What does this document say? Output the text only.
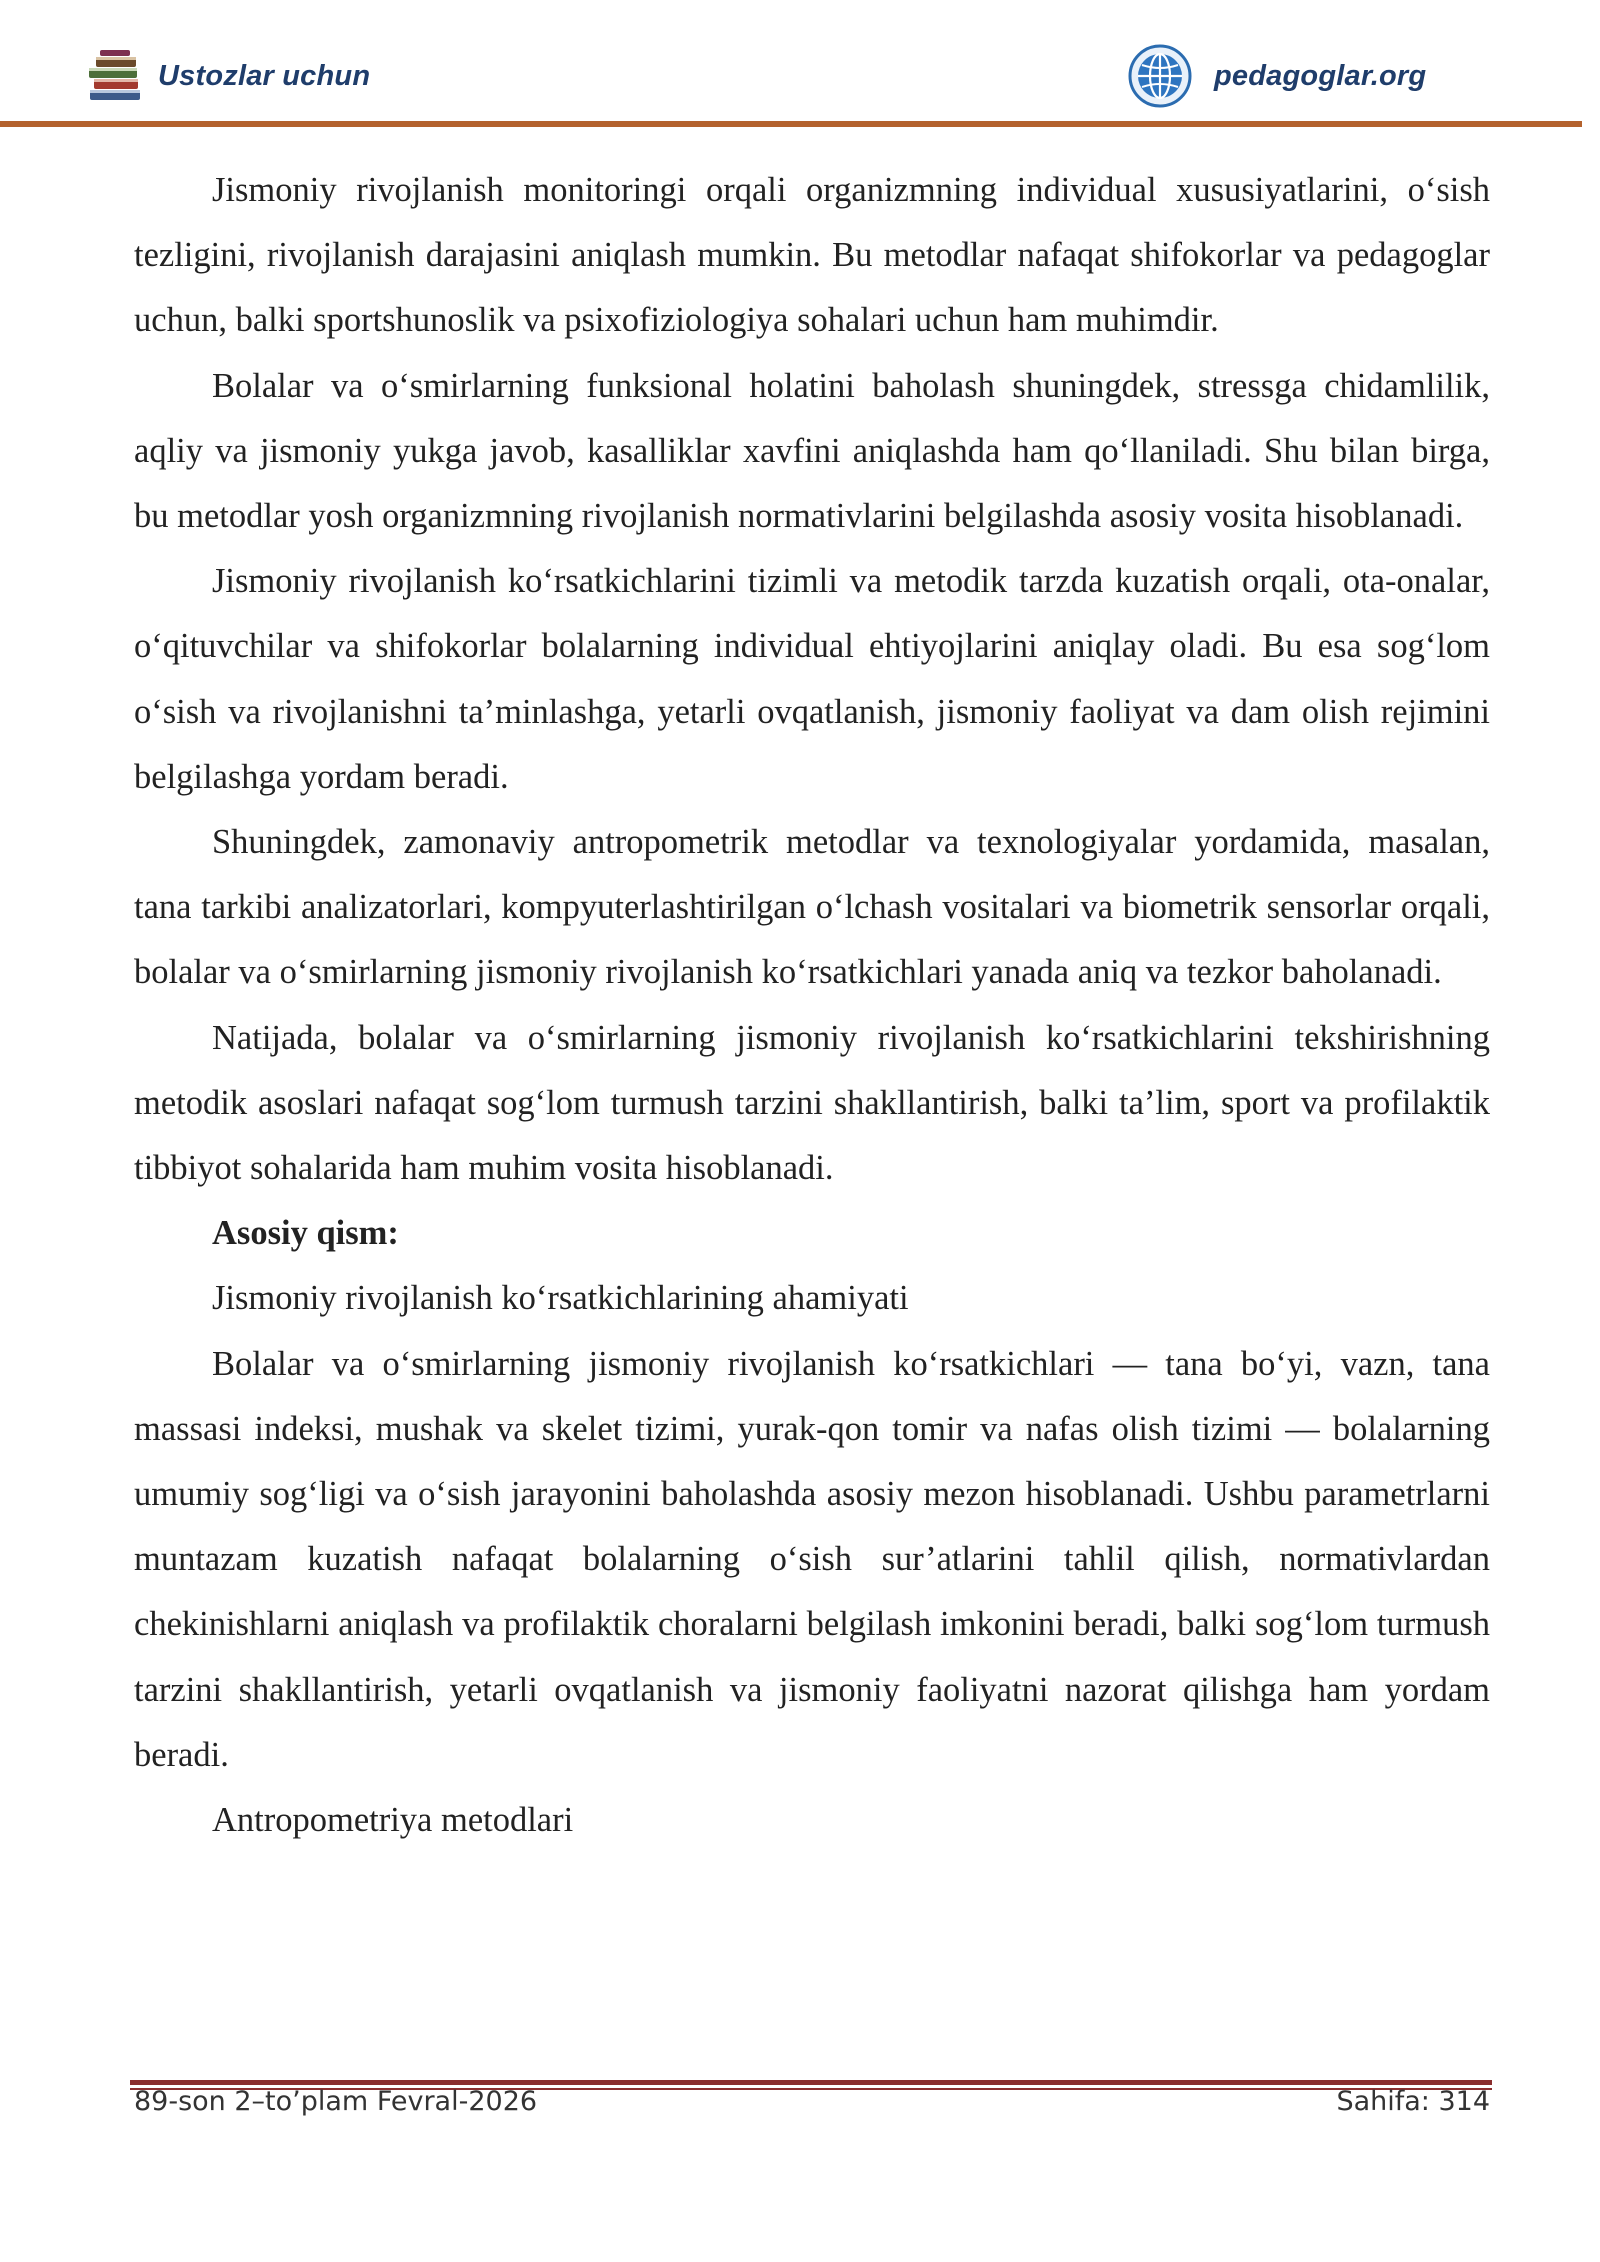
Ustozlar uchun	pedagoglar.org

Jismoniy rivojlanish monitoringi orqali organizmning individual xususiyatlarini, o‘sish tezligini, rivojlanish darajasini aniqlash mumkin. Bu metodlar nafaqat shifokorlar va pedagoglar uchun, balki sportshunoslik va psixofiziologiya sohalari uchun ham muhimdir.

Bolalar va o‘smirlarning funksional holatini baholash shuningdek, stressga chidamlilik, aqliy va jismoniy yukga javob, kasalliklar xavfini aniqlashda ham qo‘llaniladi. Shu bilan birga, bu metodlar yosh organizmning rivojlanish normativlarini belgilashda asosiy vosita hisoblanadi.

Jismoniy rivojlanish ko‘rsatkichlarini tizimli va metodik tarzda kuzatish orqali, ota-onalar, o‘qituvchilar va shifokorlar bolalarning individual ehtiyojlarini aniqlay oladi. Bu esa sog‘lom o‘sish va rivojlanishni ta’minlashga, yetarli ovqatlanish, jismoniy faoliyat va dam olish rejimini belgilashga yordam beradi.

Shuningdek, zamonaviy antropometrik metodlar va texnologiyalar yordamida, masalan, tana tarkibi analizatorlari, kompyuterlashtirilgan o‘lchash vositalari va biometrik sensorlar orqali, bolalar va o‘smirlarning jismoniy rivojlanish ko‘rsatkichlari yanada aniq va tezkor baholanadi.

Natijada, bolalar va o‘smirlarning jismoniy rivojlanish ko‘rsatkichlarini tekshirishning metodik asoslari nafaqat sog‘lom turmush tarzini shakllantirish, balki ta’lim, sport va profilaktik tibbiyot sohalarida ham muhim vosita hisoblanadi.

Asosiy qism:

Jismoniy rivojlanish ko‘rsatkichlarining ahamiyati

Bolalar va o‘smirlarning jismoniy rivojlanish ko‘rsatkichlari — tana bo‘yi, vazn, tana massasi indeksi, mushak va skelet tizimi, yurak-qon tomir va nafas olish tizimi — bolalarning umumiy sog‘ligi va o‘sish jarayonini baholashda asosiy mezon hisoblanadi. Ushbu parametrlarni muntazam kuzatish nafaqat bolalarning o‘sish sur’atlarini tahlil qilish, normativlardan chekinishlarni aniqlash va profilaktik choralarni belgilash imkonini beradi, balki sog‘lom turmush tarzini shakllantirish, yetarli ovqatlanish va jismoniy faoliyatni nazorat qilishga ham yordam beradi.

Antropometriya metodlari

89-son 2–to’plam Fevral-2026	Sahifa: 314
